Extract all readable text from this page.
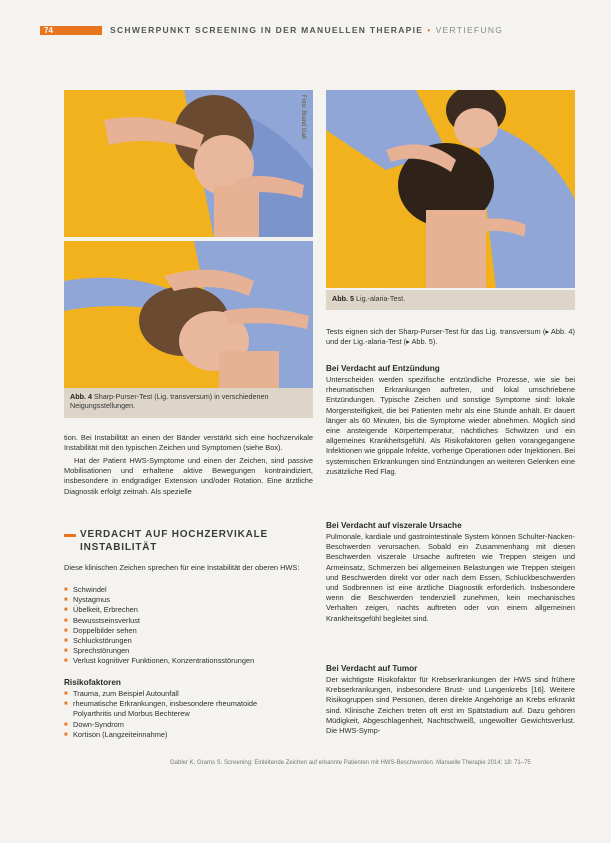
74	SCHWERPUNKT SCREENING IN DER MANUELLEN THERAPIE • VERTIEFUNG
Foto: Brand Gall
Abb. 4 Sharp-Purser-Test (Lig. transversum) in verschiedenen Neigungsstellungen.
Abb. 5 Lig.-alaria-Test.
tion. Bei Instabilität an einen der Bänder verstärkt sich eine hochzervikale Instabilität mit den typischen Zeichen und Symptomen (siehe Box).
Hat der Patient HWS-Symptome und einen der Zeichen, sind passive Mobilisationen und erhaltene aktive Bewegungen kontraindiziert, insbesondere in endgradiger Extension und/oder Rotation. Eine ärztliche Diagnostik erfolgt zeitnah. Als spezielle
VERDACHT AUF HOCHZERVIKALE
INSTABILITÄT
Diese klinischen Zeichen sprechen für eine Instabilität der oberen HWS:
■ Schwindel
■ Nystagmus
■ Übelkeit, Erbrechen
■ Bewusstseinsverlust
■ Doppelbilder sehen
■ Schluckstörungen
■ Sprechstörungen
■ Verlust kognitiver Funktionen, Konzentrationsstörungen
Risikofaktoren
■ Trauma, zum Beispiel Autounfall
■ rheumatische Erkrankungen, insbesondere rheumatoide Polyarthritis und Morbus Bechterew
■ Down-Syndrom
■ Kortison (Langzeiteinnahme)
Tests eignen sich der Sharp-Purser-Test für das Lig. transversum (▸ Abb. 4) und der Lig.-alaria-Test (▸ Abb. 5).
Bei Verdacht auf Entzündung
Unterscheiden werden spezifische entzündliche Prozesse, wie sie bei rheumatischen Erkrankungen auftreten, und lokal umschriebene Entzündungen. Typische Zeichen und sonstige Symptome sind: lokale Morgensteifigkeit, die bei Patienten mehr als eine Stunde anhält. Er dauert länger als 60 Minuten, bis die Symptome wieder abnehmen. Möglich sind eine ansteigende Körpertemperatur, nächtliches Schwitzen und ein allgemeines Krankheitsgefühl. Als Risikofaktoren gelten vorangegangene Infektionen wie grippale Infekte, vorherige Operationen oder Injektionen. Bei systemischen Erkrankungen sind Entzündungen an weiteren Gelenken eine zusätzliche Red Flag.
Bei Verdacht auf viszerale Ursache
Pulmonale, kardiale und gastrointestinale System können Schulter-Nacken-Beschwerden verursachen. Sobald ein Zusammenhang mit diesen Beschwerden viszerale Ursache auftreten wie Treppen steigen und Armeinsatz, Schmerzen bei allgemeinen Belastungen wie Treppen steigen und Beschwerden direkt vor oder nach dem Essen, Schluckbeschwerden und Sodbrennen ist eine ärztliche Diagnostik erforderlich. Insbesondere wenn die Beschwerden tendenziell zunehmen, kein mechanisches Verhalten zeigen, nachts auftreten oder von einem allgemeinen Krankheitsgefühl begleitet sind.
Bei Verdacht auf Tumor
Der wichtigste Risikofaktor für Krebserkrankungen der HWS sind frühere Krebserkrankungen, insbesondere Brust- und Lungenkrebs [16]. Weitere Risikogruppen sind Personen, deren direkte Angehörige an Krebs erkrankt sind. Klinische Zeichen treten oft erst im Spätstadium auf. Dazu gehören Müdigkeit, Abgeschlagenheit, Nachtschweiß, ungewollter Gewichtsverlust. Die HWS-Symp-
Gabler K, Grams S. Screening: Einleitende Zeichen auf erkannte Patienten mit HWS-Beschwerden. Manuelle Therapie 2014; 18: 71–75
